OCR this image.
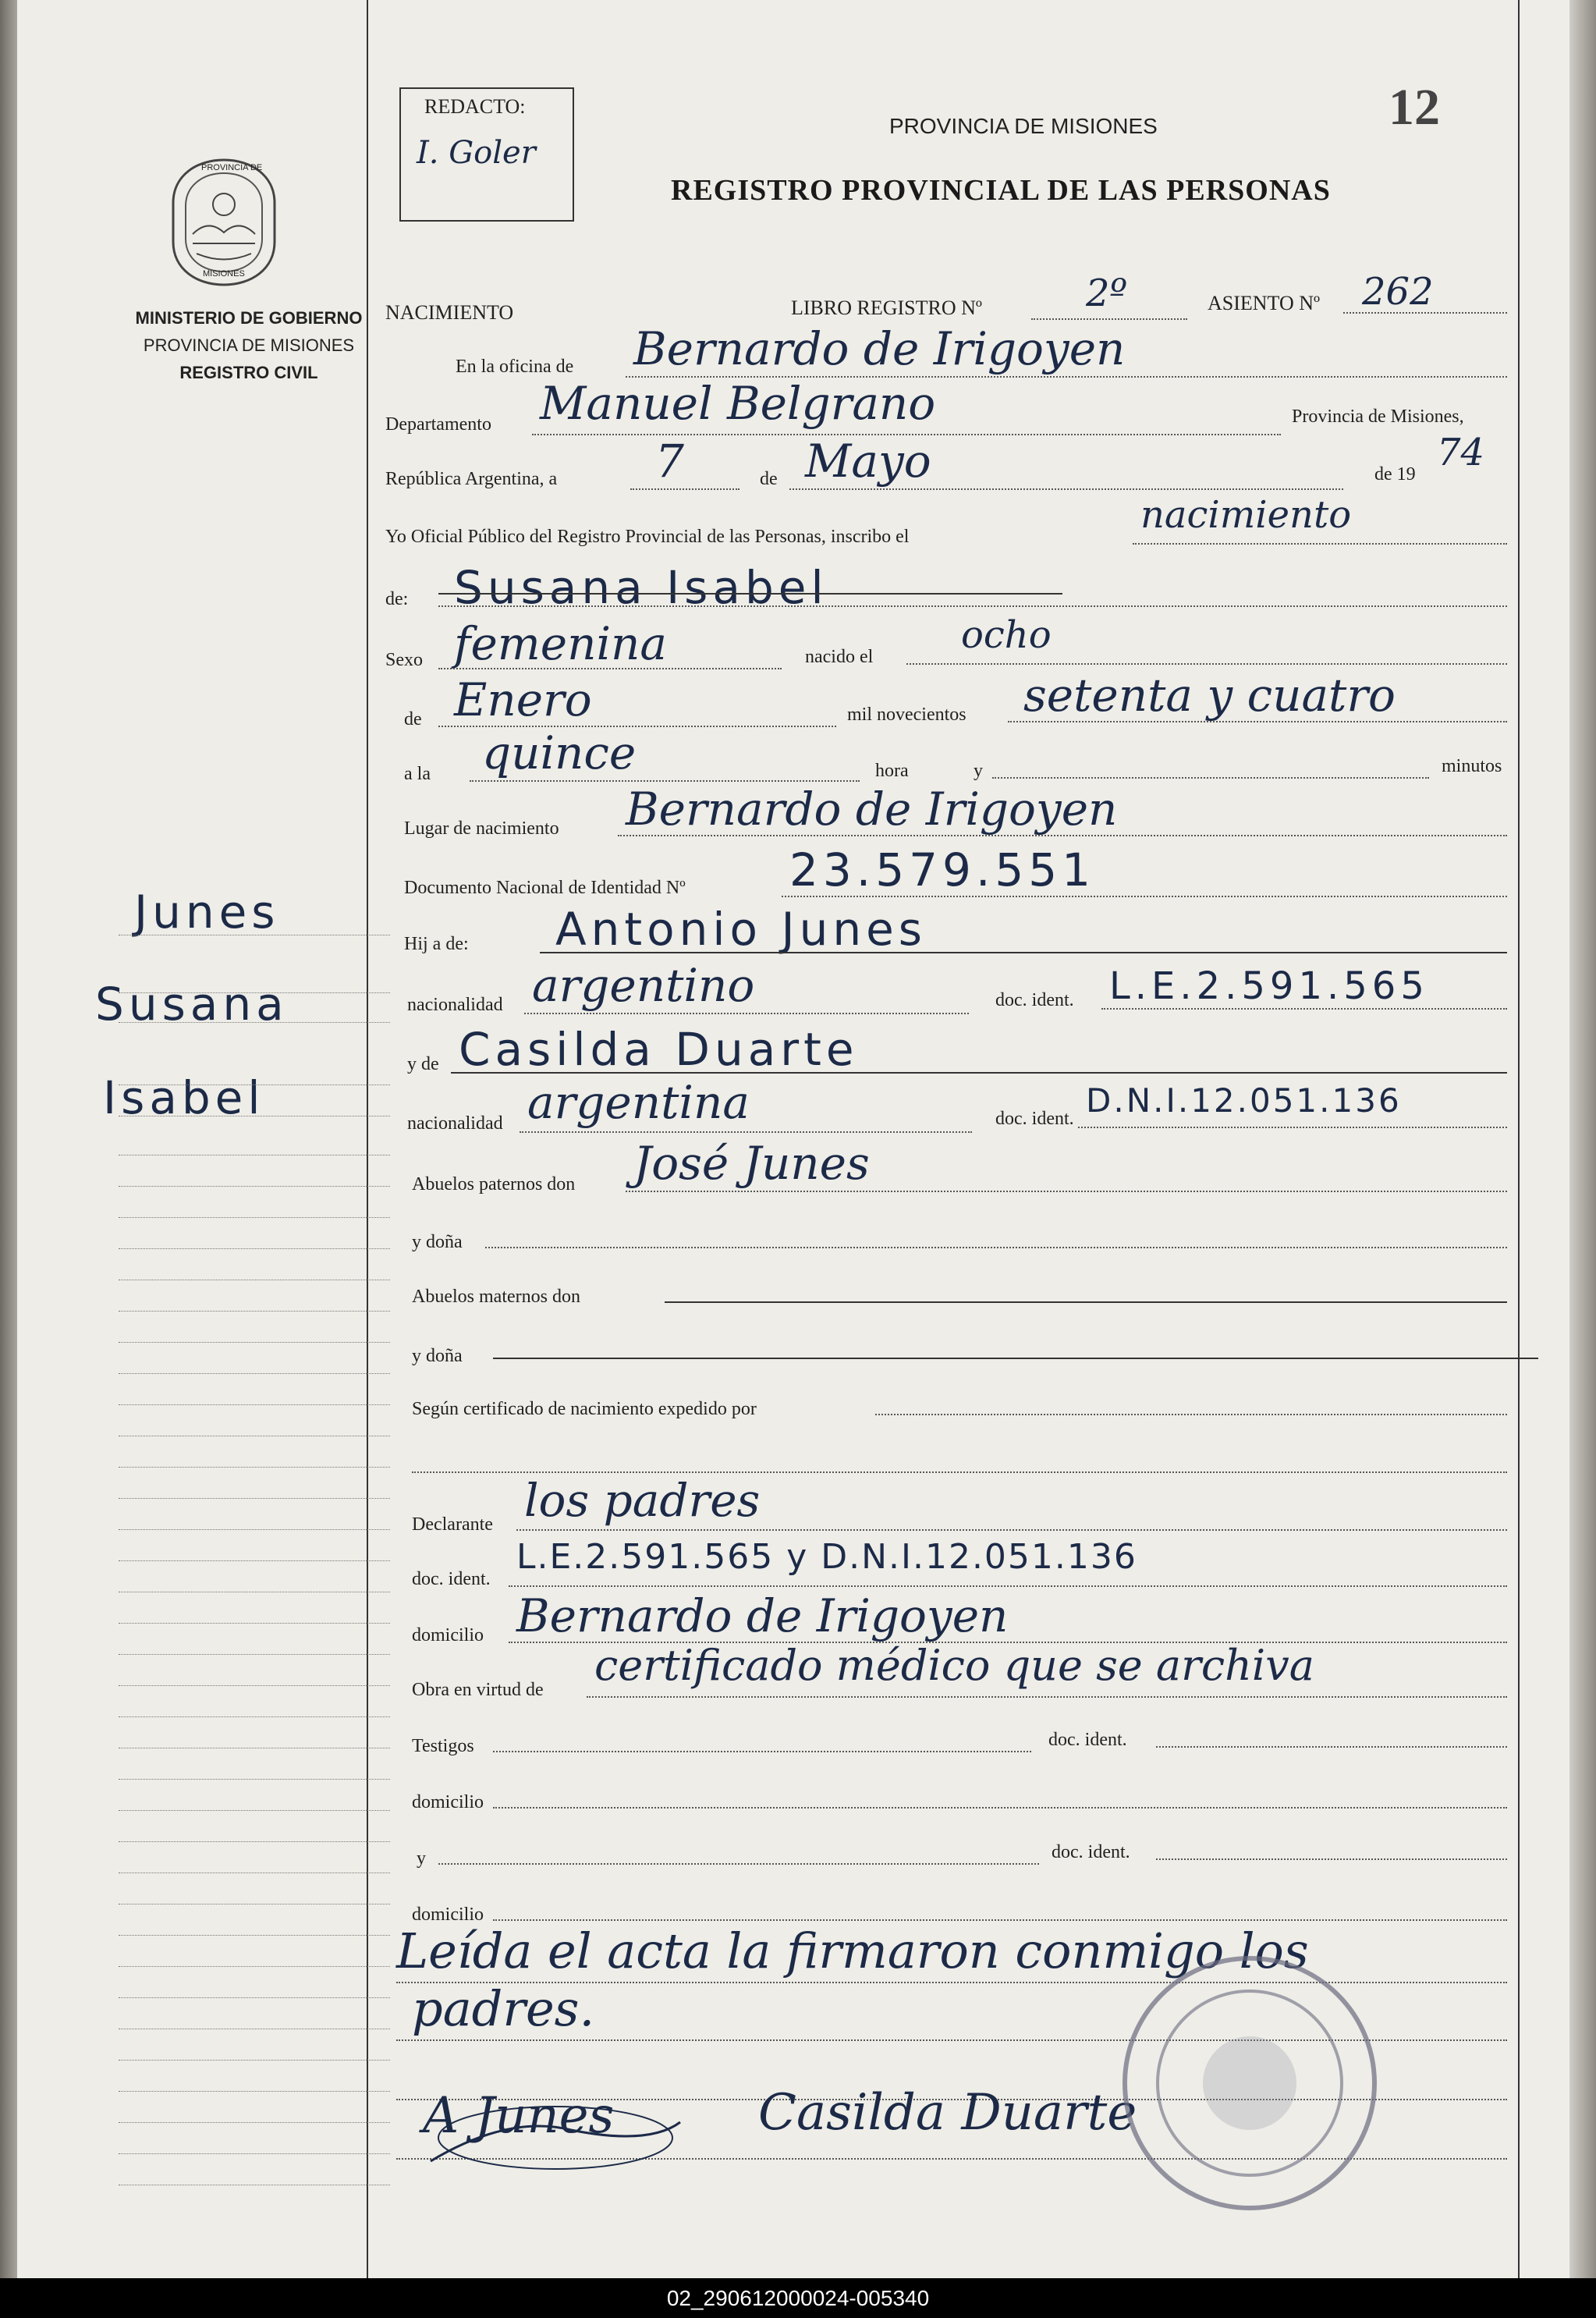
PROVINCIA DE
MISIONES
MINISTERIO DE GOBIERNO
PROVINCIA DE MISIONES
REGISTRO CIVIL
Junes
Susana
Isabel
REDACTO:
I. Goler
12
PROVINCIA DE MISIONES
REGISTRO PROVINCIAL DE LAS PERSONAS
NACIMIENTO	LIBRO REGISTRO Nº	2º	ASIENTO Nº 262
En la oficina de Bernardo de Irigoyen
Departamento Manuel Belgrano	Provincia de Misiones,
República Argentina, a 7	de Mayo	de 19 74
Yo Oficial Público del Registro Provincial de las Personas, inscribo el	nacimiento
de: Susana Isabel
Sexo femenina	nacido el ocho
de Enero	mil novecientos setenta y cuatro
a la quince	hora	y	minutos
Lugar de nacimiento Bernardo de Irigoyen
Documento Nacional de Identidad Nº 23.579.551
Hij a de: Antonio Junes
nacionalidad argentino	doc. ident. L.E.2.591.565
y de Casilda Duarte
nacionalidad argentina	doc. ident. D.N.I.12.051.136
Abuelos paternos don José Junes
y doña
Abuelos maternos don
y doña
Según certificado de nacimiento expedido por
Declarante los padres
doc. ident.
L.E.2.591.565 y D.N.I.12.051.136
domicilio Bernardo de Irigoyen
Obra en virtud de certificado médico que se archiva
Testigos	doc. ident.
domicilio
y	doc. ident.
domicilio
Leída el acta la firmaron conmigo los
padres.
A Junes	Casilda Duarte
02_290612000024-005340
